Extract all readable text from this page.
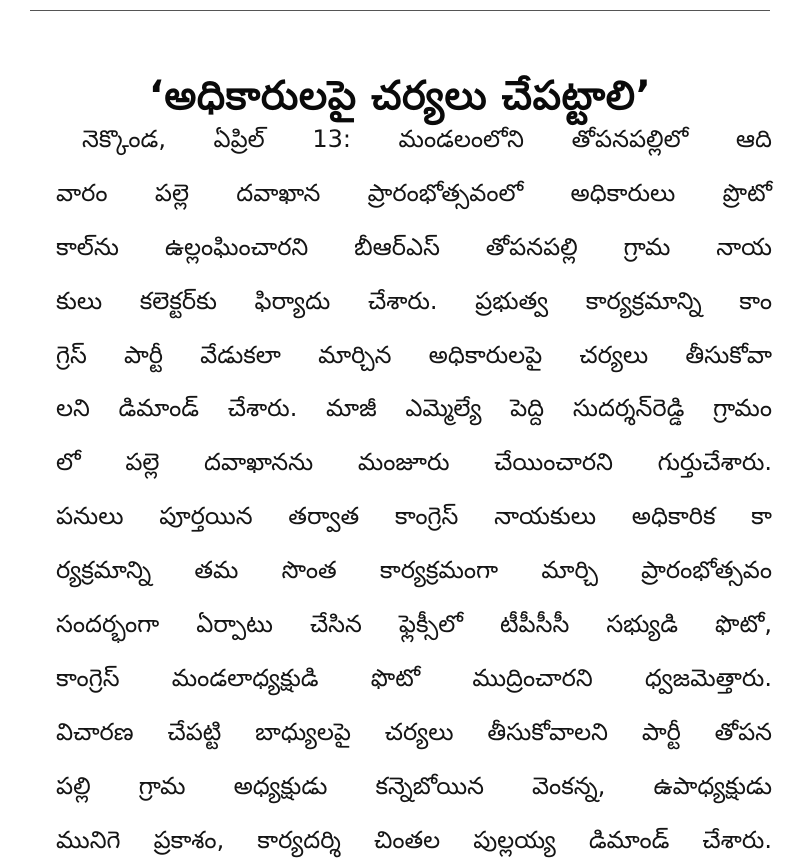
‘అధికారులపై చర్యలు చేపట్టాలి’
నెక్కొండ, ఏప్రిల్ 13: మండలంలోని తోపనపల్లిలో ఆది
వారం పల్లె దవాఖాన ప్రారంభోత్సవంలో అధికారులు ప్రొటో
కాల్‌ను ఉల్లంఘించారని బీఆర్‌ఎస్ తోపనపల్లి గ్రామ నాయ
కులు కలెక్టర్‌కు ఫిర్యాదు చేశారు. ప్రభుత్వ కార్యక్రమాన్ని కాం
గ్రెస్ పార్టీ వేడుకలా మార్చిన అధికారులపై చర్యలు తీసుకోవా
లని డిమాండ్ చేశారు. మాజీ ఎమ్మెల్యే పెద్ది సుదర్శన్‌రెడ్డి గ్రామం
లో పల్లె దవాఖానను మంజూరు చేయించారని గుర్తుచేశారు.
పనులు పూర్తయిన తర్వాత కాంగ్రెస్ నాయకులు అధికారిక కా
ర్యక్రమాన్ని తమ సొంత కార్యక్రమంగా మార్చి ప్రారంభోత్సవం
సందర్భంగా ఏర్పాటు చేసిన ఫ్లెక్సీలో టీపీసీసీ సభ్యుడి ఫొటో,
కాంగ్రెస్ మండలాధ్యక్షుడి ఫొటో ముద్రించారని ధ్వజమెత్తారు.
విచారణ చేపట్టి బాధ్యులపై చర్యలు తీసుకోవాలని పార్టీ తోపన
పల్లి గ్రామ అధ్యక్షుడు కన్నెబోయిన వెంకన్న, ఉపాధ్యక్షుడు
మునిగె ప్రకాశం, కార్యదర్శి చింతల పుల్లయ్య డిమాండ్ చేశారు.
